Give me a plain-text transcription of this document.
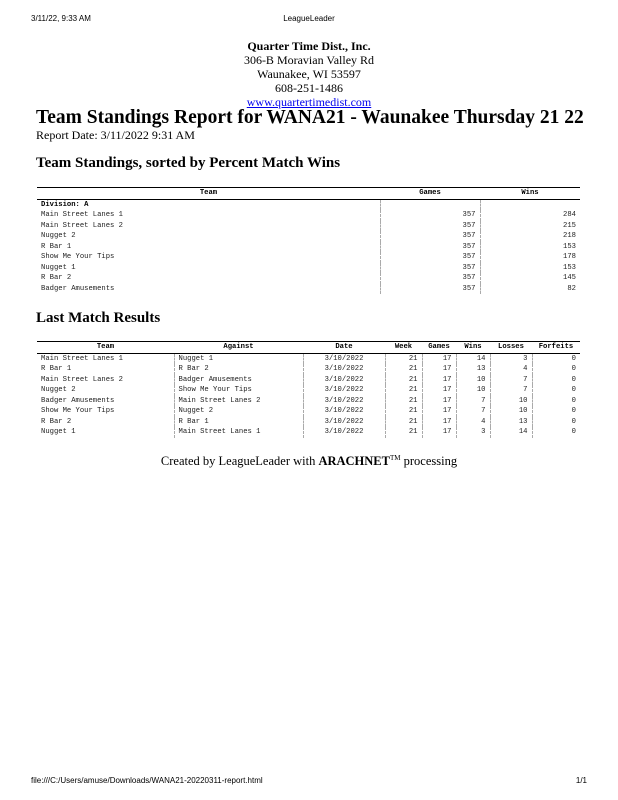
3/11/22, 9:33 AM	LeagueLeader
Quarter Time Dist., Inc.
306-B Moravian Valley Rd
Waunakee, WI 53597
608-251-1486
www.quartertimedist.com
Team Standings Report for WANA21 - Waunakee Thursday 21 22
Report Date: 3/11/2022 9:31 AM
Team Standings, sorted by Percent Match Wins
Team	Games	Wins
Division: A		
Main Street Lanes 1	357	284
Main Street Lanes 2	357	215
Nugget 2	357	218
R Bar 1	357	153
Show Me Your Tips	357	178
Nugget 1	357	153
R Bar 2	357	145
Badger Amusements	357	82
Last Match Results
Team	Against	Date	Week	Games	Wins	Losses	Forfeits
Main Street Lanes 1	Nugget 1	3/10/2022	21	17	14	3	0
R Bar 1	R Bar 2	3/10/2022	21	17	13	4	0
Main Street Lanes 2	Badger Amusements	3/10/2022	21	17	10	7	0
Nugget 2	Show Me Your Tips	3/10/2022	21	17	10	7	0
Badger Amusements	Main Street Lanes 2	3/10/2022	21	17	7	10	0
Show Me Your Tips	Nugget 2	3/10/2022	21	17	7	10	0
R Bar 2	R Bar 1	3/10/2022	21	17	4	13	0
Nugget 1	Main Street Lanes 1	3/10/2022	21	17	3	14	0
Created by LeagueLeader with ARACHNET™ processing
file:///C:/Users/amuse/Downloads/WANA21-20220311-report.html	1/1
